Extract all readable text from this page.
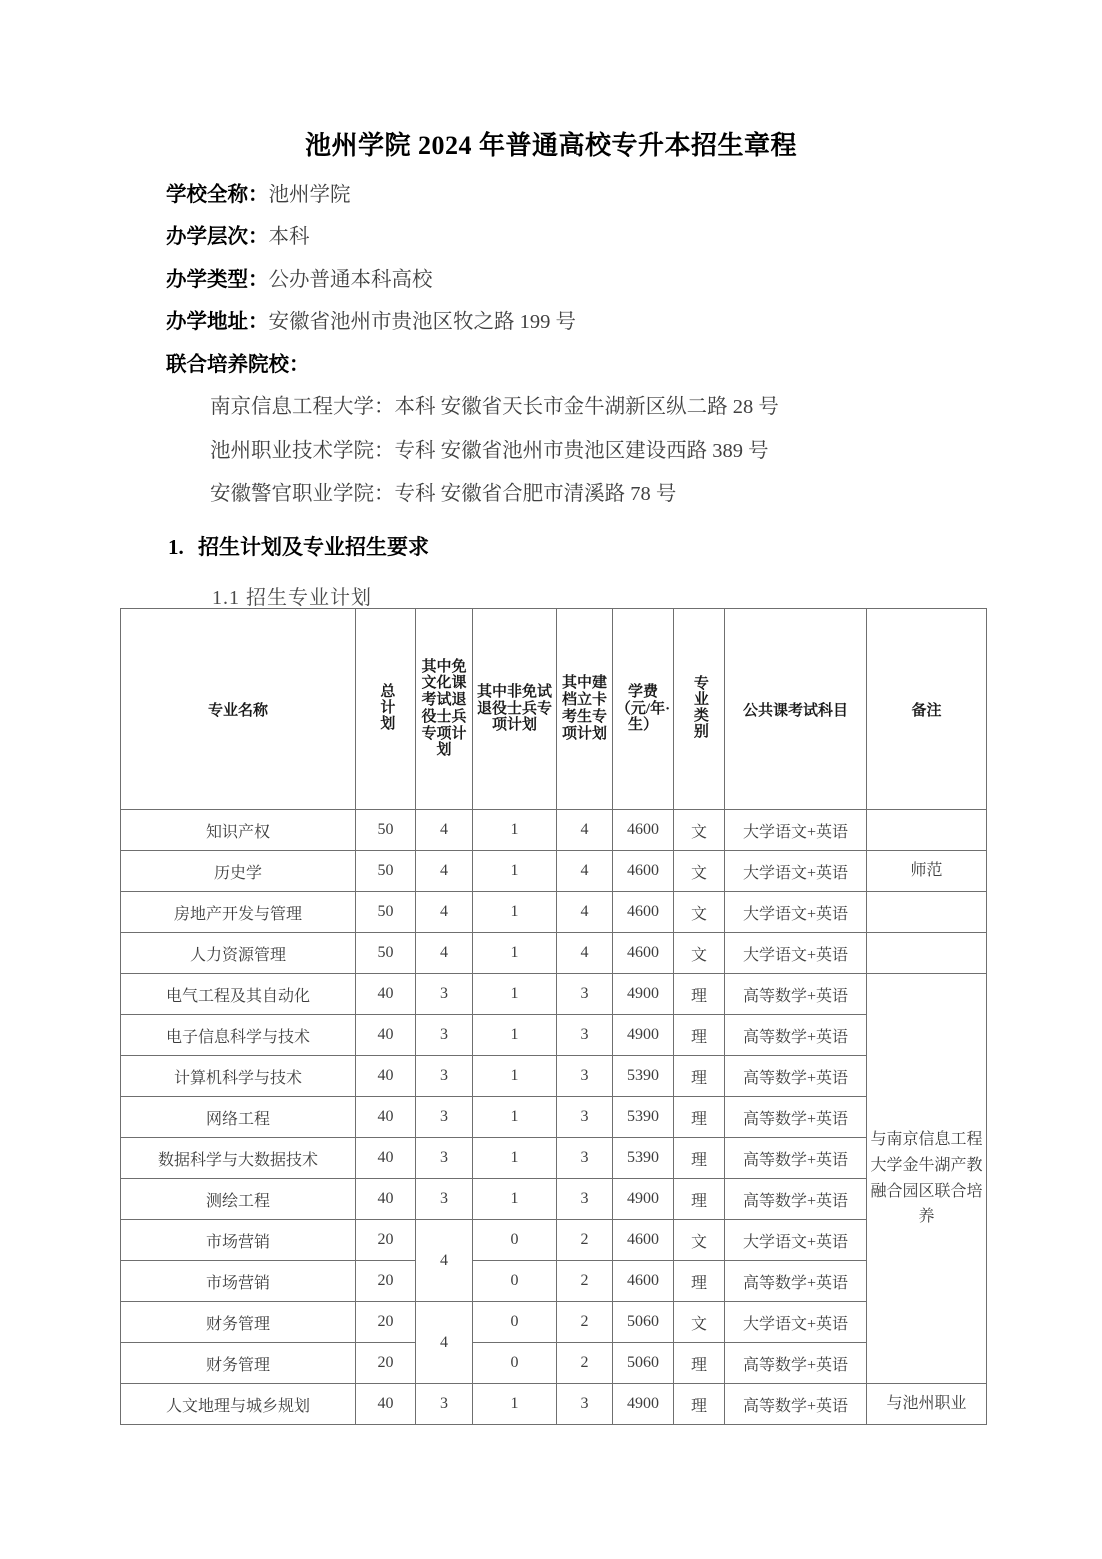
池州学院 2024 年普通高校专升本招生章程
学校全称：池州学院
办学层次：本科
办学类型：公办普通本科高校
办学地址：安徽省池州市贵池区牧之路 199 号
联合培养院校：
南京信息工程大学：本科 安徽省天长市金牛湖新区纵二路 28 号
池州职业技术学院：专科 安徽省池州市贵池区建设西路 389 号
安徽警官职业学院：专科 安徽省合肥市清溪路 78 号
1. 招生计划及专业招生要求
1.1 招生专业计划
专业名称	总计划	其中免文化课考试退役士兵专项计划	其中非免试退役士兵专项计划	其中建档立卡考生专项计划	学费（元/年·生）	专业类别	公共课考试科目	备注
知识产权	50	4	1	4	4600	文	大学语文+英语	
历史学	50	4	1	4	4600	文	大学语文+英语	师范
房地产开发与管理	50	4	1	4	4600	文	大学语文+英语	
人力资源管理	50	4	1	4	4600	文	大学语文+英语	
电气工程及其自动化	40	3	1	3	4900	理	高等数学+英语	与南京信息工程大学金牛湖产教融合园区联合培养
电子信息科学与技术	40	3	1	3	4900	理	高等数学+英语	
计算机科学与技术	40	3	1	3	5390	理	高等数学+英语	
网络工程	40	3	1	3	5390	理	高等数学+英语	
数据科学与大数据技术	40	3	1	3	5390	理	高等数学+英语	
测绘工程	40	3	1	3	4900	理	高等数学+英语	
市场营销	20	4	0	2	4600	文	大学语文+英语	
市场营销	20		0	2	4600	理	高等数学+英语	
财务管理	20	4	0	2	5060	文	大学语文+英语	
财务管理	20		0	2	5060	理	高等数学+英语	
人文地理与城乡规划	40	3	1	3	4900	理	高等数学+英语	与池州职业
